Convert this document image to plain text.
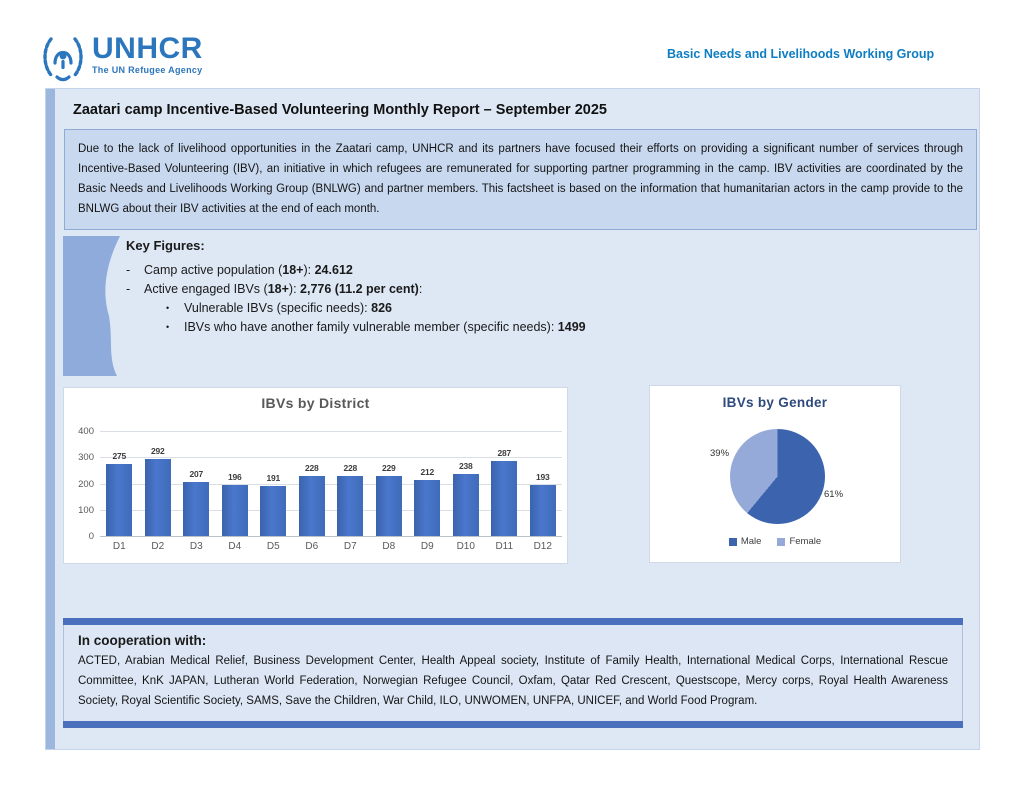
UNHCR
The UN Refugee Agency
Basic Needs and Livelihoods Working Group
Zaatari camp Incentive-Based Volunteering Monthly Report – September 2025
Due to the lack of livelihood opportunities in the Zaatari camp, UNHCR and its partners have focused their efforts on providing a significant number of services through Incentive-Based Volunteering (IBV), an initiative in which refugees are remunerated for supporting partner programming in the camp. IBV activities are coordinated by the Basic Needs and Livelihoods Working Group (BNLWG) and partner members. This factsheet is based on the information that humanitarian actors in the camp provide to the BNLWG about their IBV activities at the end of each month.
Key Figures:
-	Camp active population (18+): 24.612
-	Active engaged IBVs (18+): 2,776 (11.2 per cent):
•	Vulnerable IBVs (specific needs): 826
•	IBVs who have another family vulnerable member (specific needs): 1499
IBVs by District
400
300
200
100
0
275	292
207	196	191
228	228	229	212
238
287
193
D1	D2	D3	D4	D5	D6	D7	D8	D9	D10	D11	D12
IBVs by Gender
61%
39%
Male	Female
In cooperation with:
ACTED, Arabian Medical Relief, Business Development Center, Health Appeal society, Institute of Family Health, International Medical Corps, International Rescue Committee, KnK JAPAN, Lutheran World Federation, Norwegian Refugee Council, Oxfam, Qatar Red Crescent, Questscope, Mercy corps, Royal Health Awareness Society, Royal Scientific Society, SAMS, Save the Children, War Child, ILO, UNWOMEN, UNFPA, UNICEF, and World Food Program.
